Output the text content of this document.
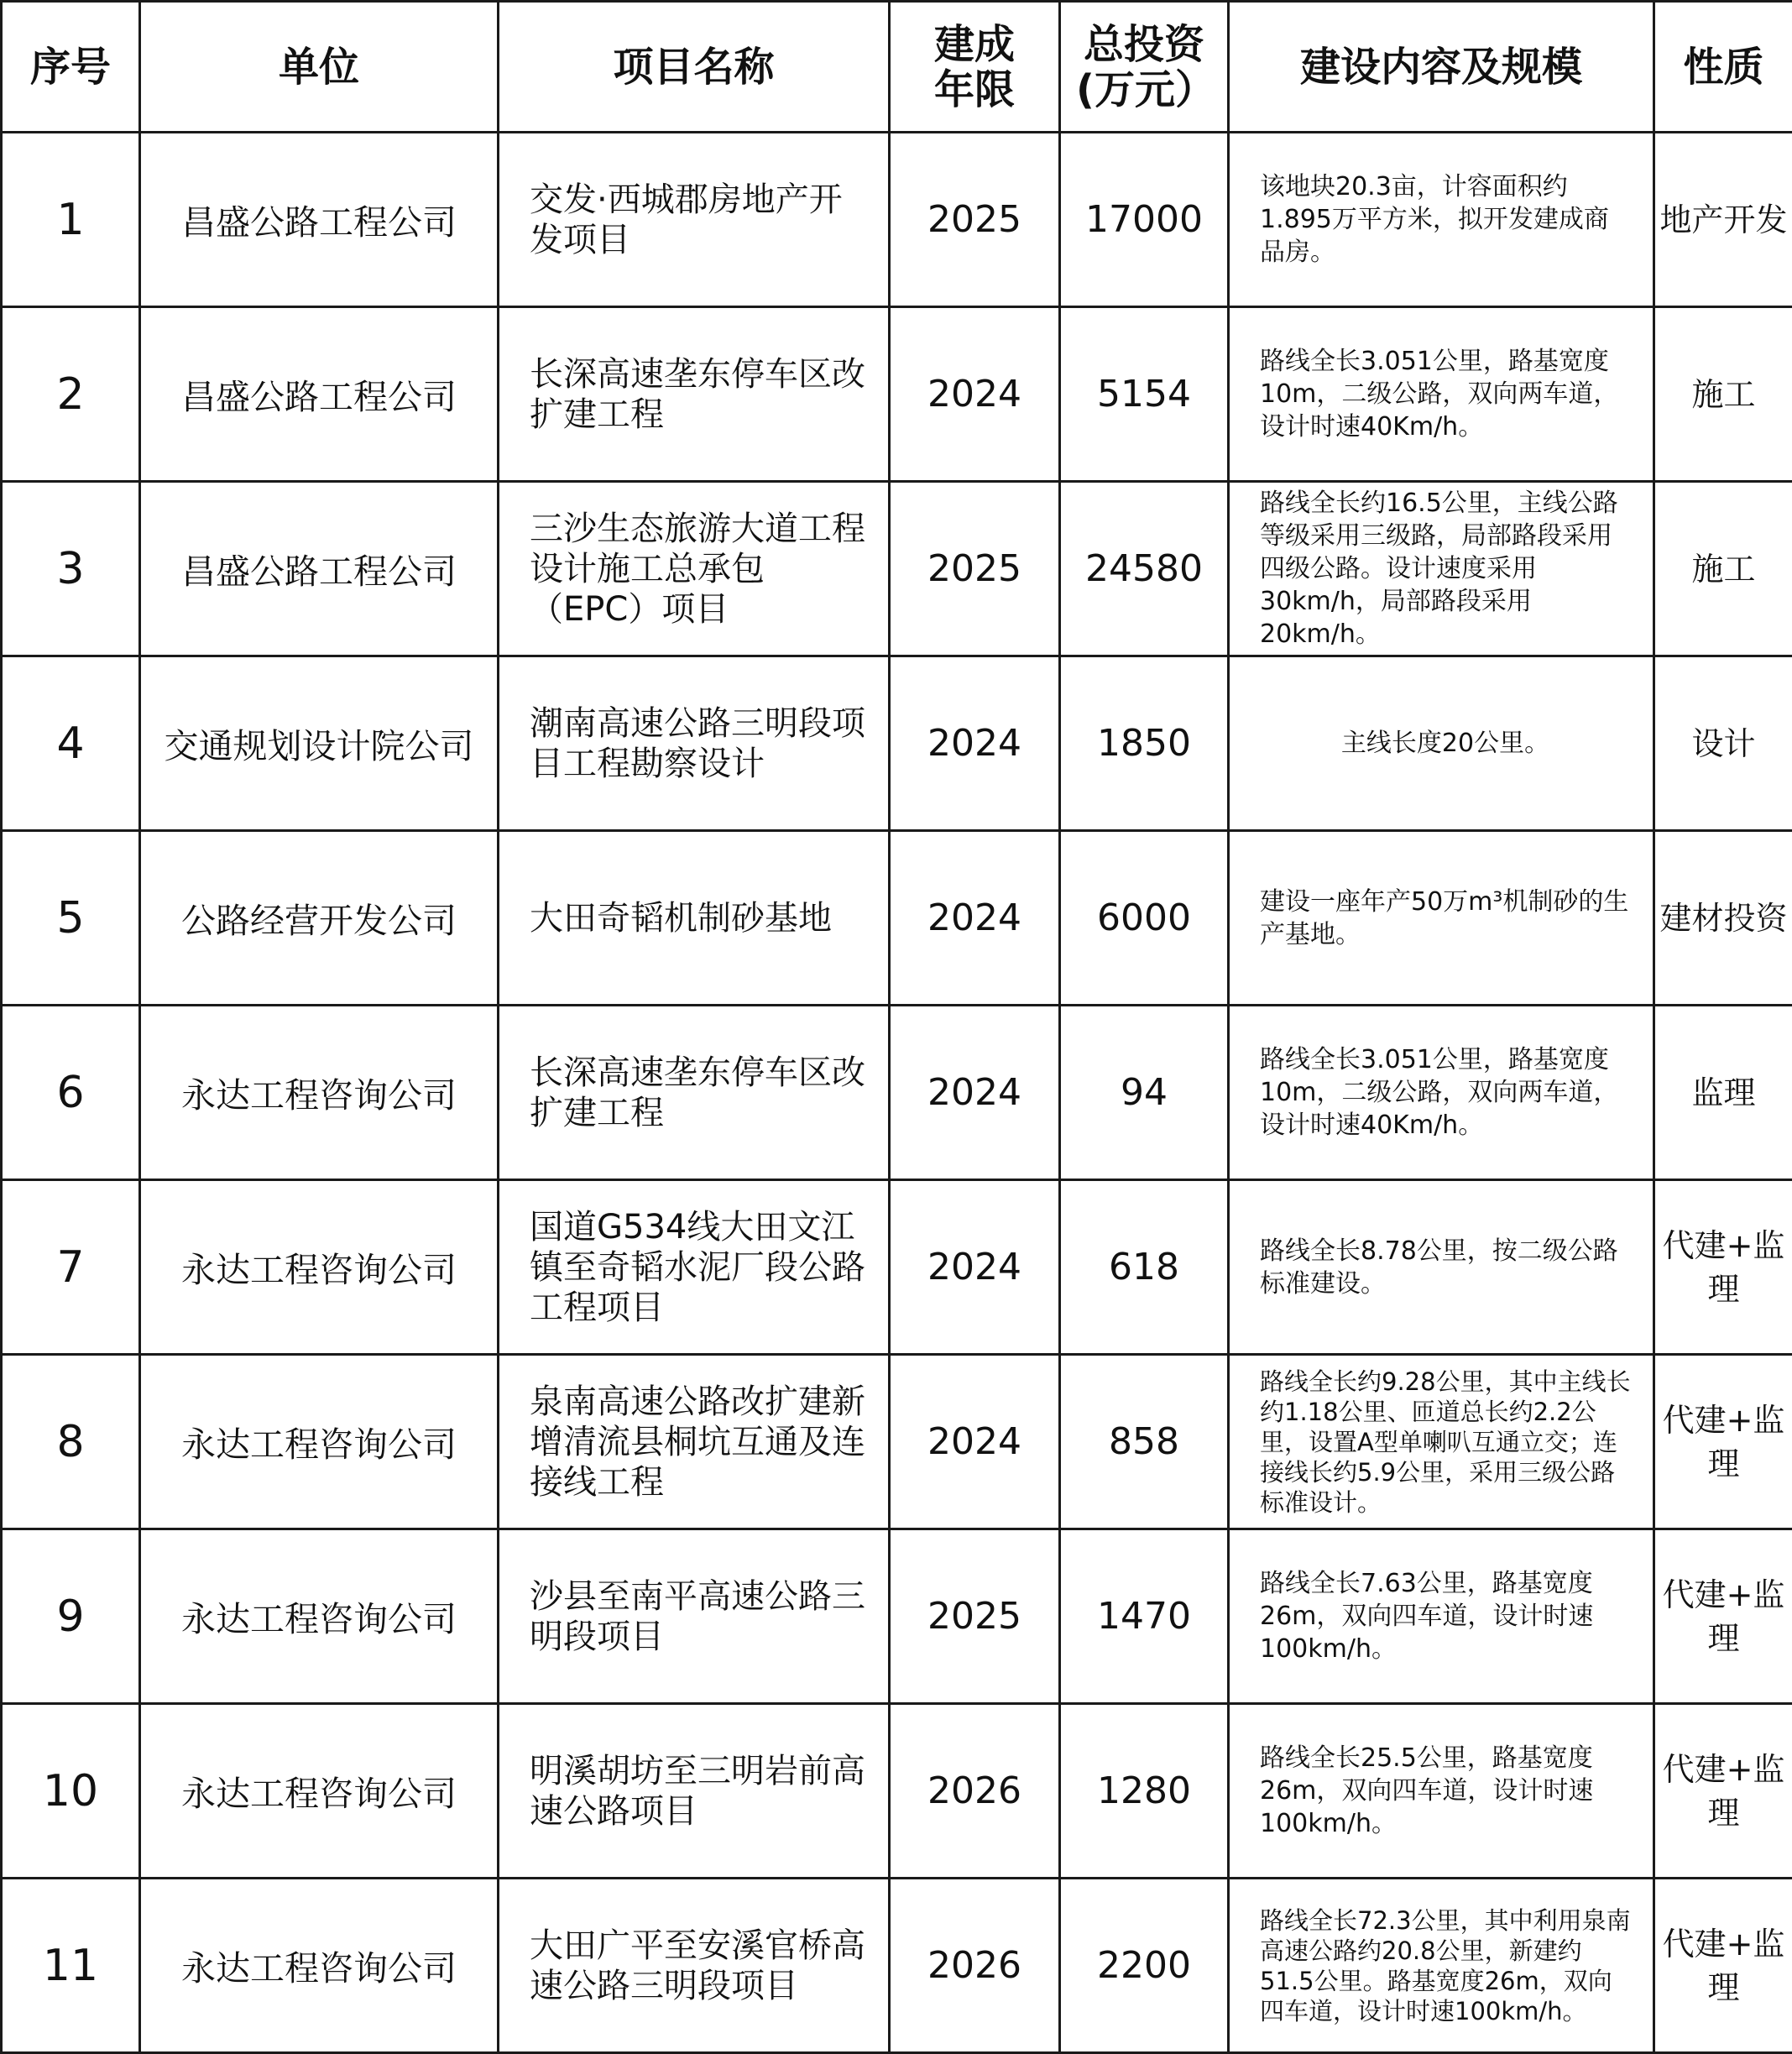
序号	单位	项目名称	建成年限	总投资(万元）	建设内容及规模	性质
1	昌盛公路工程公司	交发·西城郡房地产开发项目	2025	17000	该地块20.3亩，计容面积约1.895万平方米，拟开发建成商品房。	地产开发
2	昌盛公路工程公司	长深高速垄东停车区改扩建工程	2024	5154	路线全长3.051公里，路基宽度10m，二级公路，双向两车道，设计时速40Km/h。	施工
3	昌盛公路工程公司	三沙生态旅游大道工程设计施工总承包（EPC）项目	2025	24580	路线全长约16.5公里，主线公路等级采用三级路，局部路段采用四级公路。设计速度采用30km/h，局部路段采用20km/h。	施工
4	交通规划设计院公司	潮南高速公路三明段项目工程勘察设计	2024	1850	主线长度20公里。	设计
5	公路经营开发公司	大田奇韬机制砂基地	2024	6000	建设一座年产50万m³机制砂的生产基地。	建材投资
6	永达工程咨询公司	长深高速垄东停车区改扩建工程	2024	94	路线全长3.051公里，路基宽度10m，二级公路，双向两车道，设计时速40Km/h。	监理
7	永达工程咨询公司	国道G534线大田文江镇至奇韬水泥厂段公路工程项目	2024	618	路线全长8.78公里，按二级公路标准建设。	代建+监理
8	永达工程咨询公司	泉南高速公路改扩建新增清流县桐坑互通及连接线工程	2024	858	路线全长约9.28公里，其中主线长约1.18公里、匝道总长约2.2公里，设置A型单喇叭互通立交；连接线长约5.9公里，采用三级公路标准设计。	代建+监理
9	永达工程咨询公司	沙县至南平高速公路三明段项目	2025	1470	路线全长7.63公里，路基宽度26m，双向四车道，设计时速100km/h。	代建+监理
10	永达工程咨询公司	明溪胡坊至三明岩前高速公路项目	2026	1280	路线全长25.5公里，路基宽度26m，双向四车道，设计时速100km/h。	代建+监理
11	永达工程咨询公司	大田广平至安溪官桥高速公路三明段项目	2026	2200	路线全长72.3公里，其中利用泉南高速公路约20.8公里，新建约51.5公里。路基宽度26m，双向四车道，设计时速100km/h。	代建+监理
